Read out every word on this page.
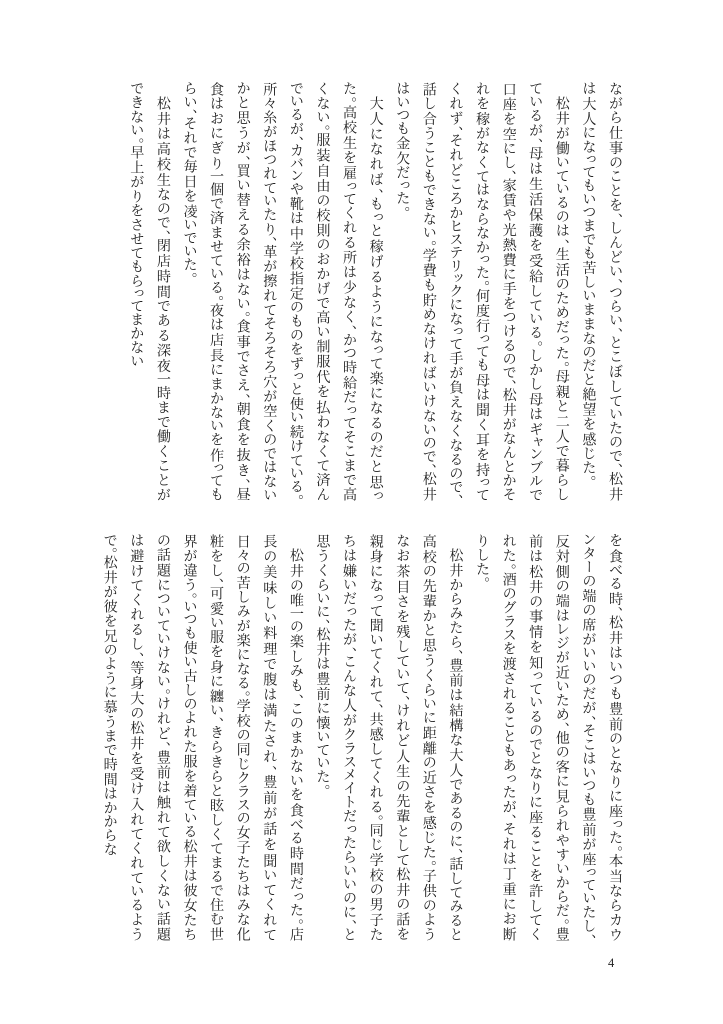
ながら仕事のことを、しんどい、つらい、とこぼしていたので、松井は大人になってもいつまでも苦しいままなのだと絶望を感じた。

松井が働いているのは、生活のためだった。母親と二人で暮らしているが、母は生活保護を受給している。しかし母はギャンブルで口座を空にし、家賃や光熱費に手をつけるので、松井がなんとかそれを稼がなくてはならなかった。何度行っても母は聞く耳を持ってくれず、それどころかヒステリックになって手が負えなくなるので、話し合うこともできない。学費も貯めなければいけないので、松井はいつも金欠だった。

大人になれば、もっと稼げるようになって楽になるのだと思った。高校生を雇ってくれる所は少なく、かつ時給だってそこまで高くない。服装自由の校則のおかげで高い制服代を払わなくて済んでいるが、カバンや靴は中学校指定のものをずっと使い続けている。所々糸がほつれていたり、革が擦れてそろそろ穴が空くのではないかと思うが、買い替える余裕はない。食事でさえ、朝食を抜き、昼食はおにぎり一個で済ませている。夜は店長にまかないを作ってもらい、それで毎日を凌いでいた。

松井は高校生なので、閉店時間である深夜一時まで働くことができない。早上がりをさせてもらってまかない

を食べる時、松井はいつも豊前のとなりに座った。本当ならカウンターの端の席がいいのだが、そこはいつも豊前が座っていたし、反対側の端はレジが近いため、他の客に見られやすいからだ。豊前は松井の事情を知っているのでとなりに座ることを許してくれた。酒のグラスを渡されることもあったが、それは丁重にお断りした。

松井からみたら、豊前は結構な大人であるのに、話してみると高校の先輩かと思うくらいに距離の近さを感じた。子供のようなお茶目さを残していて、けれど人生の先輩として松井の話を親身になって聞いてくれて、共感してくれる。同じ学校の男子たちは嫌いだったが、こんな人がクラスメイトだったらいいのに、と思うくらいに、松井は豊前に懐いていた。

松井の唯一の楽しみも、このまかないを食べる時間だった。店長の美味しい料理で腹は満たされ、豊前が話を聞いてくれて日々の苦しみが楽になる。学校の同じクラスの女子たちはみな化粧をし、可愛い服を身に纏い、きらきらと眩しくてまるで住む世界が違う。いつも使い古しのよれた服を着ている松井は彼女たちの話題についていけない。けれど、豊前は触れて欲しくない話題は避けてくれるし、等身大の松井を受け入れてくれているようで。松井が彼を兄のように慕うまで時間はかからな

4
